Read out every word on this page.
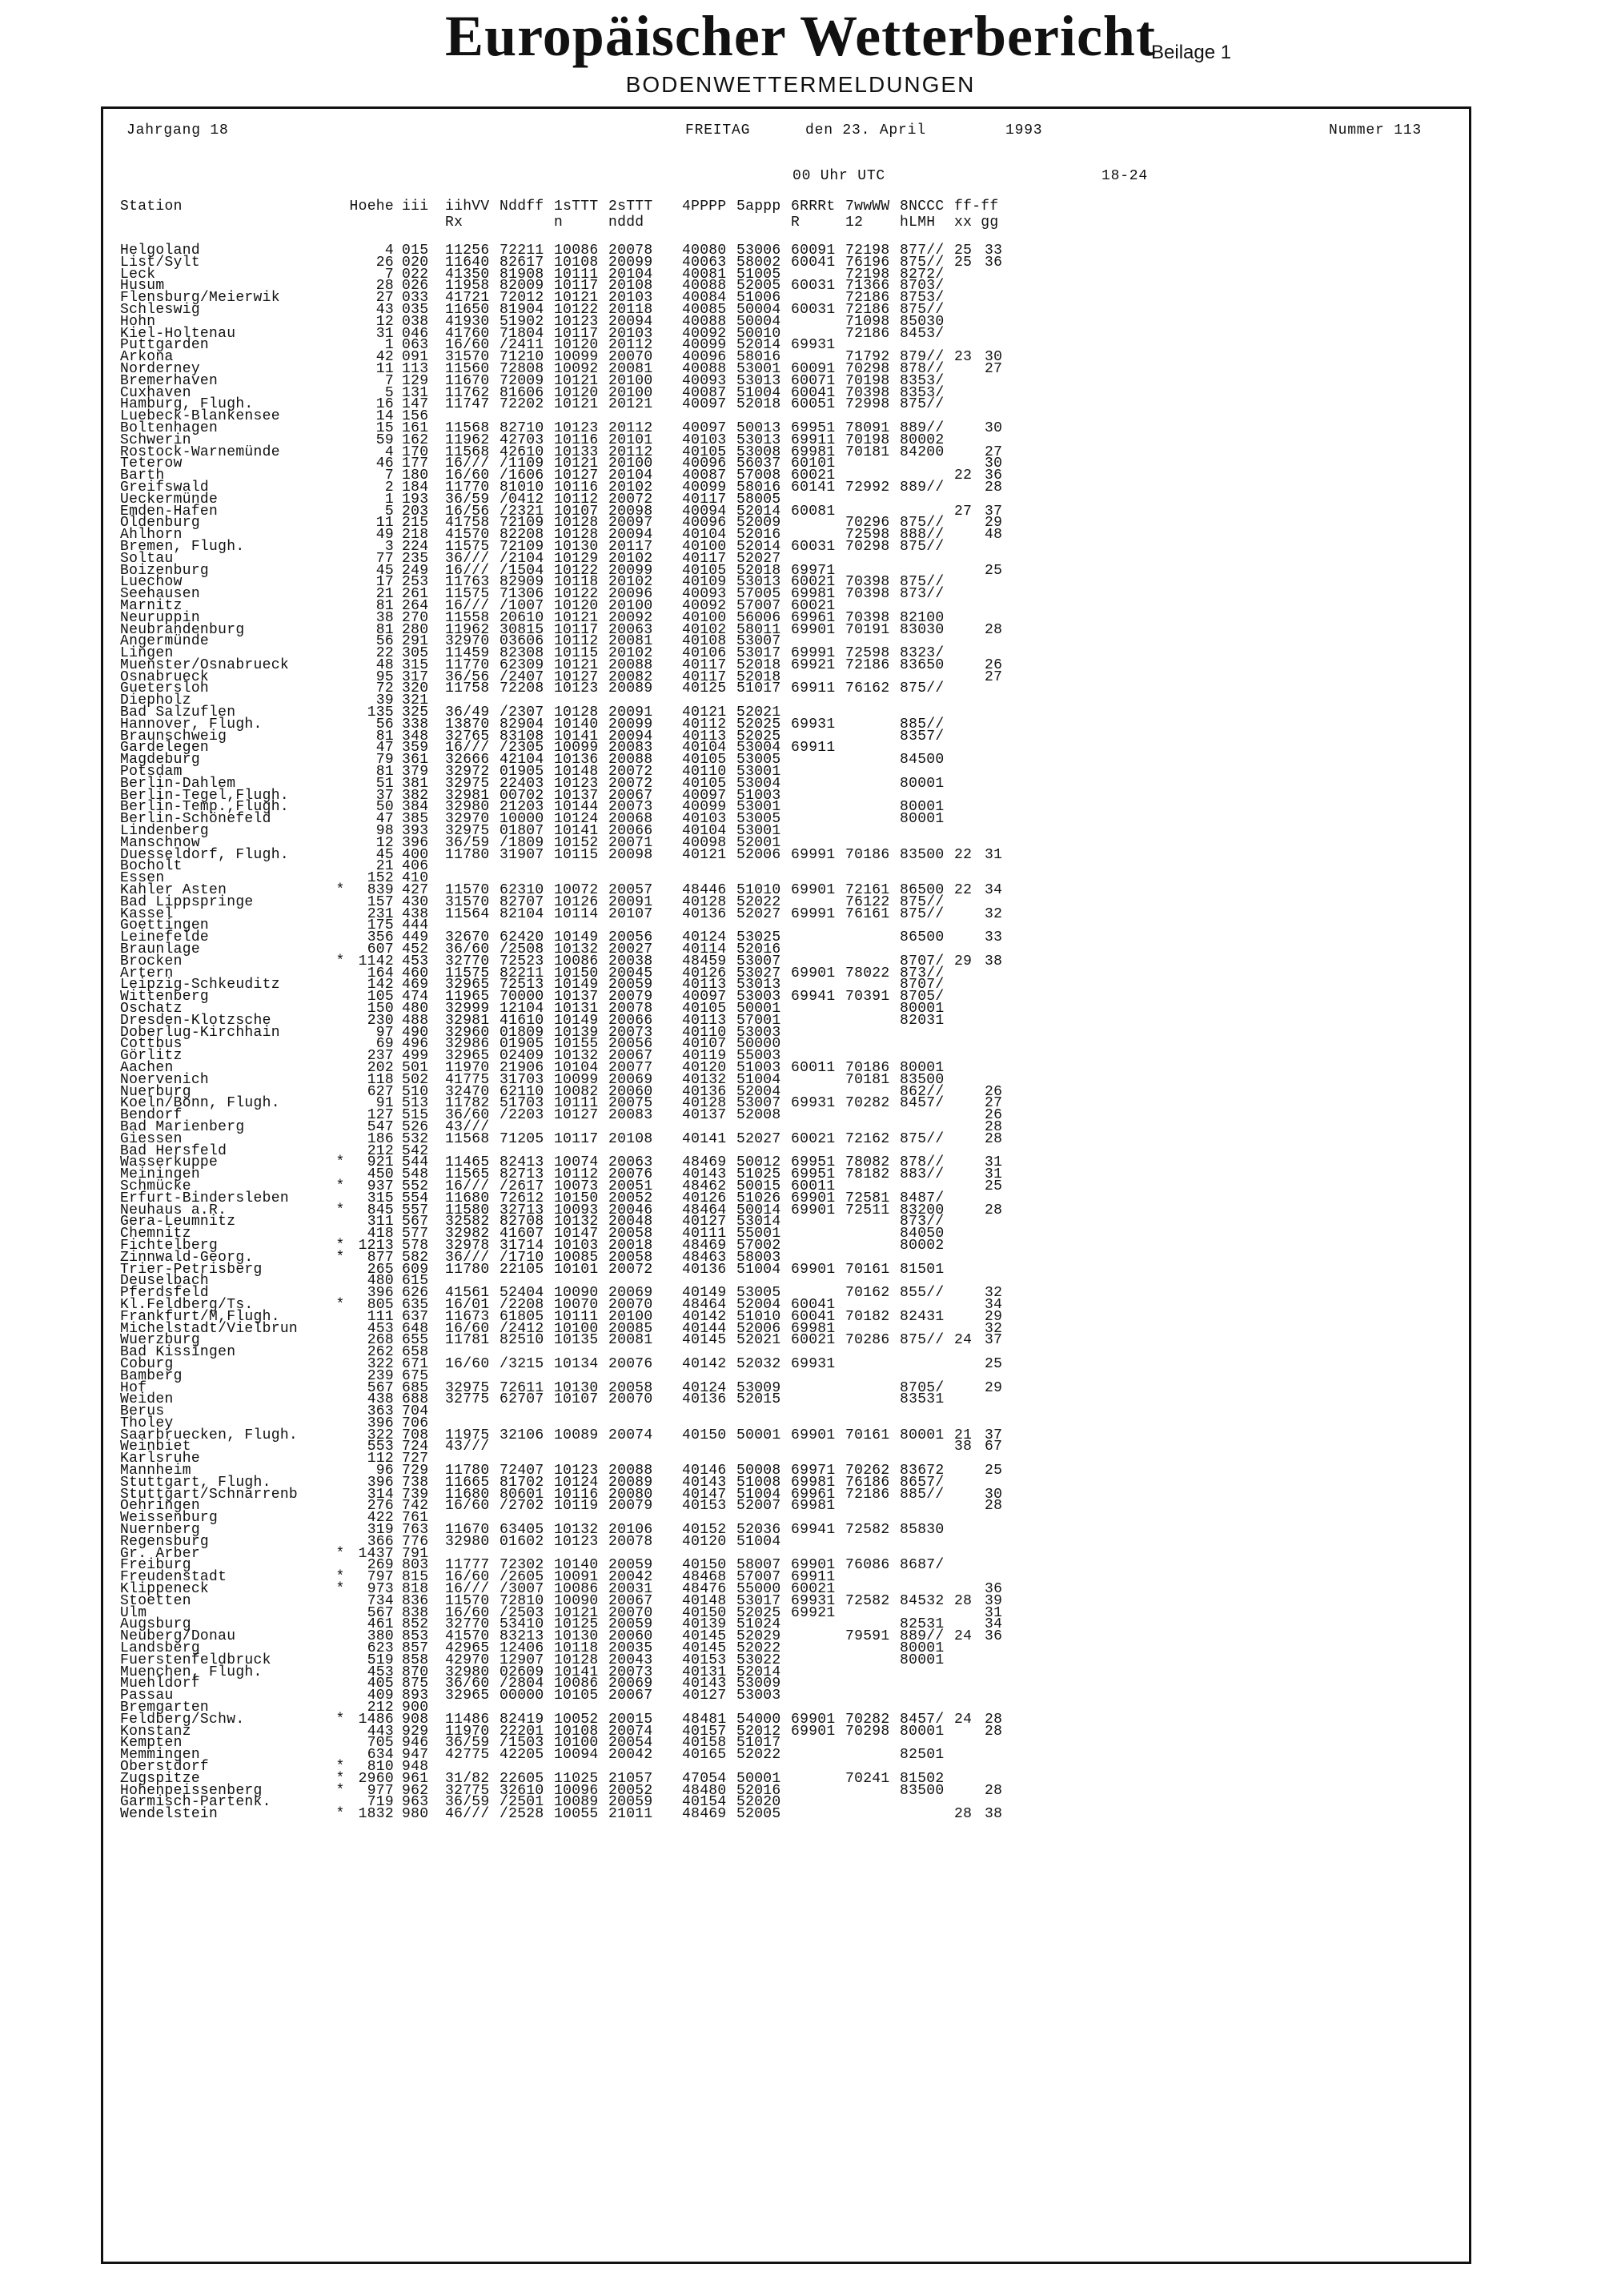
Europäischer Wetterbericht
Beilage 1
BODENWETTERMELDUNGEN
Jahrgang 18	FREITAG	den 23. April	1993	Nummer 113
00 Uhr UTC	18-24
Station		Hoehe	iii	iihVV	Nddff	1sTTT	2sTTT	4PPPP	5appp	6RRRt	7wwWW	8NCCC	ff-ff	
				Rx		n	nddd			R	12	hLMH	xx gg	
Helgoland		4	015	11256	72211	10086	20078	40080	53006	60091	72198	877//	25	33
List/Sylt		26	020	11640	82617	10108	20099	40063	58002	60041	76196	875//	25	36
Leck		7	022	41350	81908	10111	20104	40081	51005		72198	8272/		
Husum		28	026	11958	82009	10117	20108	40088	52005	60031	71366	8703/		
Flensburg/Meierwik		27	033	41721	72012	10121	20103	40084	51006		72186	8753/		
Schleswig		43	035	11650	81904	10122	20118	40085	50004	60031	72186	875//		
Hohn		12	038	41930	51902	10123	20094	40088	50004		71098	85030		
Kiel-Holtenau		31	046	41760	71804	10117	20103	40092	50010		72186	8453/		
Puttgarden		1	063	16/60	/2411	10120	20112	40099	52014	69931				
Arkona		42	091	31570	71210	10099	20070	40096	58016		71792	879//	23	30
Norderney		11	113	11560	72808	10092	20081	40088	53001	60091	70298	878//		27
Bremerhaven		7	129	11670	72009	10121	20100	40093	53013	60071	70198	8353/		
Cuxhaven		5	131	11762	81606	10120	20100	40087	51004	60041	70398	8353/		
Hamburg, Flugh.		16	147	11747	72202	10121	20121	40097	52018	60051	72998	875//		
Luebeck-Blankensee		14	156											
Boltenhagen		15	161	11568	82710	10123	20112	40097	50013	69951	78091	889//		30
Schwerin		59	162	11962	42703	10116	20101	40103	53013	69911	70198	80002		
Rostock-Warnemünde		4	170	11568	42610	10133	20112	40105	53008	69981	70181	84200		27
Teterow		46	177	16///	/1109	10121	20100	40096	56037	60101				30
Barth		7	180	16/60	/1606	10127	20104	40087	57008	60021			22	36
Greifswald		2	184	11770	81010	10116	20102	40099	58016	60141	72992	889//		28
Ueckermünde		1	193	36/59	/0412	10112	20072	40117	58005					
Emden-Hafen		5	203	16/56	/2321	10107	20098	40094	52014	60081			27	37
Oldenburg		11	215	41758	72109	10128	20097	40096	52009		70296	875//		29
Ahlhorn		49	218	41570	82208	10128	20094	40104	52016		72598	888//		48
Bremen, Flugh.		3	224	11575	72109	10130	20117	40100	52014	60031	70298	875//		
Soltau		77	235	36///	/2104	10129	20102	40117	52027					
Boizenburg		45	249	16///	/1504	10122	20099	40105	52018	69971				25
Luechow		17	253	11763	82909	10118	20102	40109	53013	60021	70398	875//		
Seehausen		21	261	11575	71306	10122	20096	40093	57005	69981	70398	873//		
Marnitz		81	264	16///	/1007	10120	20100	40092	57007	60021				
Neuruppin		38	270	11558	20610	10121	20092	40100	56006	69961	70398	82100		
Neubrandenburg		81	280	11962	30815	10117	20063	40102	58011	69901	70191	83030		28
Angermünde		56	291	32970	03606	10112	20081	40108	53007					
Lingen		22	305	11459	82308	10115	20102	40106	53017	69991	72598	8323/		
Muenster/Osnabrueck		48	315	11770	62309	10121	20088	40117	52018	69921	72186	83650		26
Osnabrueck		95	317	36/56	/2407	10127	20082	40117	52018					27
Guetersloh		72	320	11758	72208	10123	20089	40125	51017	69911	76162	875//		
Diepholz		39	321											
Bad Salzuflen		135	325	36/49	/2307	10128	20091	40121	52021					
Hannover, Flugh.		56	338	13870	82904	10140	20099	40112	52025	69931		885//		
Braunschweig		81	348	32765	83108	10141	20094	40113	52025			8357/		
Gardelegen		47	359	16///	/2305	10099	20083	40104	53004	69911				
Magdeburg		79	361	32666	42104	10136	20088	40105	53005			84500		
Potsdam		81	379	32972	01905	10148	20072	40110	53001					
Berlin-Dahlem		51	381	32975	22403	10123	20072	40105	53004			80001		
Berlin-Tegel,Flugh.		37	382	32981	00702	10137	20067	40097	51003					
Berlin-Temp.,Flugh.		50	384	32980	21203	10144	20073	40099	53001			80001		
Berlin-Schönefeld		47	385	32970	10000	10124	20068	40103	53005			80001		
Lindenberg		98	393	32975	01807	10141	20066	40104	53001					
Manschnow		12	396	36/59	/1809	10152	20071	40098	52001					
Duesseldorf, Flugh.		45	400	11780	31907	10115	20098	40121	52006	69991	70186	83500	22	31
Bocholt		21	406											
Essen		152	410											
Kahler Asten	*	839	427	11570	62310	10072	20057	48446	51010	69901	72161	86500	22	34
Bad Lippspringe		157	430	31570	82707	10126	20091	40128	52022		76122	875//		
Kassel		231	438	11564	82104	10114	20107	40136	52027	69991	76161	875//		32
Goettingen		175	444											
Leinefelde		356	449	32670	62420	10149	20056	40124	53025			86500		33
Braunlage		607	452	36/60	/2508	10132	20027	40114	52016					
Brocken	*	1142	453	32770	72523	10086	20038	48459	53007			8707/	29	38
Artern		164	460	11575	82211	10150	20045	40126	53027	69901	78022	873//		
Leipzig-Schkeuditz		142	469	32965	72513	10149	20059	40113	53013			8707/		
Wittenberg		105	474	11965	70000	10137	20079	40097	53003	69941	70391	8705/		
Oschatz		150	480	32999	12104	10131	20078	40105	50001			80001		
Dresden-Klotzsche		230	488	32981	41610	10149	20066	40113	57001			82031		
Doberlug-Kirchhain		97	490	32960	01809	10139	20073	40110	53003					
Cottbus		69	496	32986	01905	10155	20056	40107	50000					
Görlitz		237	499	32965	02409	10132	20067	40119	55003					
Aachen		202	501	11970	21906	10104	20077	40120	51003	60011	70186	80001		
Noervenich		118	502	41775	31703	10099	20069	40132	51004		70181	83500		
Nuerburg		627	510	32470	62110	10082	20060	40136	52004			862//		26
Koeln/Bonn, Flugh.		91	513	11782	51703	10111	20075	40128	53007	69931	70282	8457/		27
Bendorf		127	515	36/60	/2203	10127	20083	40137	52008					26
Bad Marienberg		547	526	43///										28
Giessen		186	532	11568	71205	10117	20108	40141	52027	60021	72162	875//		28
Bad Hersfeld		212	542											
Wasserkuppe	*	921	544	11465	82413	10074	20063	48469	50012	69951	78082	878//		31
Meiningen		450	548	11565	82713	10112	20076	40143	51025	69951	78182	883//		31
Schmücke	*	937	552	16///	/2617	10073	20051	48462	50015	60011				25
Erfurt-Bindersleben		315	554	11680	72612	10150	20052	40126	51026	69901	72581	8487/		
Neuhaus a.R.	*	845	557	11580	32713	10093	20046	48464	50014	69901	72511	83200		28
Gera-Leumnitz		311	567	32582	82708	10132	20048	40127	53014			873//		
Chemnitz		418	577	32982	41607	10147	20058	40111	55001			84050		
Fichtelberg	*	1213	578	32978	31714	10103	20018	48469	57002			80002		
Zinnwald-Georg.	*	877	582	36///	/1710	10085	20058	48463	58003					
Trier-Petrisberg		265	609	11780	22105	10101	20072	40136	51004	69901	70161	81501		
Deuselbach		480	615											
Pferdsfeld		396	626	41561	52404	10090	20069	40149	53005		70162	855//		32
Kl.Feldberg/Ts.	*	805	635	16/01	/2208	10070	20070	48464	52004	60041				34
Frankfurt/M,Flugh.		111	637	11673	61805	10111	20100	40142	51010	60041	70182	82431		29
Michelstadt/Vielbrun		453	648	16/60	/2412	10100	20085	40144	52006	69981				32
Wuerzburg		268	655	11781	82510	10135	20081	40145	52021	60021	70286	875//	24	37
Bad Kissingen		262	658											
Coburg		322	671	16/60	/3215	10134	20076	40142	52032	69931				25
Bamberg		239	675											
Hof		567	685	32975	72611	10130	20058	40124	53009			8705/		29
Weiden		438	688	32775	62707	10107	20070	40136	52015			83531		
Berus		363	704											
Tholey		396	706											
Saarbruecken, Flugh.		322	708	11975	32106	10089	20074	40150	50001	69901	70161	80001	21	37
Weinbiet		553	724	43///									38	67
Karlsruhe		112	727											
Mannheim		96	729	11780	72407	10123	20088	40146	50008	69971	70262	83672		25
Stuttgart, Flugh.		396	738	11665	81702	10124	20089	40143	51008	69981	76186	8657/		
Stuttgart/Schnarrenb		314	739	11680	80601	10116	20080	40147	51004	69961	72186	885//		30
Oehringen		276	742	16/60	/2702	10119	20079	40153	52007	69981				28
Weissenburg		422	761											
Nuernberg		319	763	11670	63405	10132	20106	40152	52036	69941	72582	85830		
Regensburg		366	776	32980	01602	10123	20078	40120	51004					
Gr. Arber	*	1437	791											
Freiburg		269	803	11777	72302	10140	20059	40150	58007	69901	76086	8687/		
Freudenstadt	*	797	815	16/60	/2605	10091	20042	48468	57007	69911				
Klippeneck	*	973	818	16///	/3007	10086	20031	48476	55000	60021				36
Stoetten		734	836	11570	72810	10090	20067	40148	53017	69931	72582	84532	28	39
Ulm		567	838	16/60	/2503	10121	20070	40150	52025	69921				31
Augsburg		461	852	32770	53410	10125	20059	40139	51024			82531		34
Neuberg/Donau		380	853	41570	83213	10130	20060	40145	52029		79591	889//	24	36
Landsberg		623	857	42965	12406	10118	20035	40145	52022			80001		
Fuerstenfeldbruck		519	858	42970	12907	10128	20043	40153	53022			80001		
Muenchen, Flugh.		453	870	32980	02609	10141	20073	40131	52014					
Muehldorf		405	875	36/60	/2804	10086	20069	40143	53009					
Passau		409	893	32965	00000	10105	20067	40127	53003					
Bremgarten		212	900											
Feldberg/Schw.	*	1486	908	11486	82419	10052	20015	48481	54000	69901	70282	8457/	24	28
Konstanz		443	929	11970	22201	10108	20074	40157	52012	69901	70298	80001		28
Kempten		705	946	36/59	/1503	10100	20054	40158	51017					
Memmingen		634	947	42775	42205	10094	20042	40165	52022			82501		
Oberstdorf	*	810	948											
Zugspitze	*	2960	961	31/82	22605	11025	21057	47054	50001		70241	81502		
Hohenpeissenberg	*	977	962	32775	32610	10096	20052	48480	52016			83500		28
Garmisch-Partenk.		719	963	36/59	/2501	10089	20059	40154	52020					
Wendelstein	*	1832	980	46///	/2528	10055	21011	48469	52005				28	38
